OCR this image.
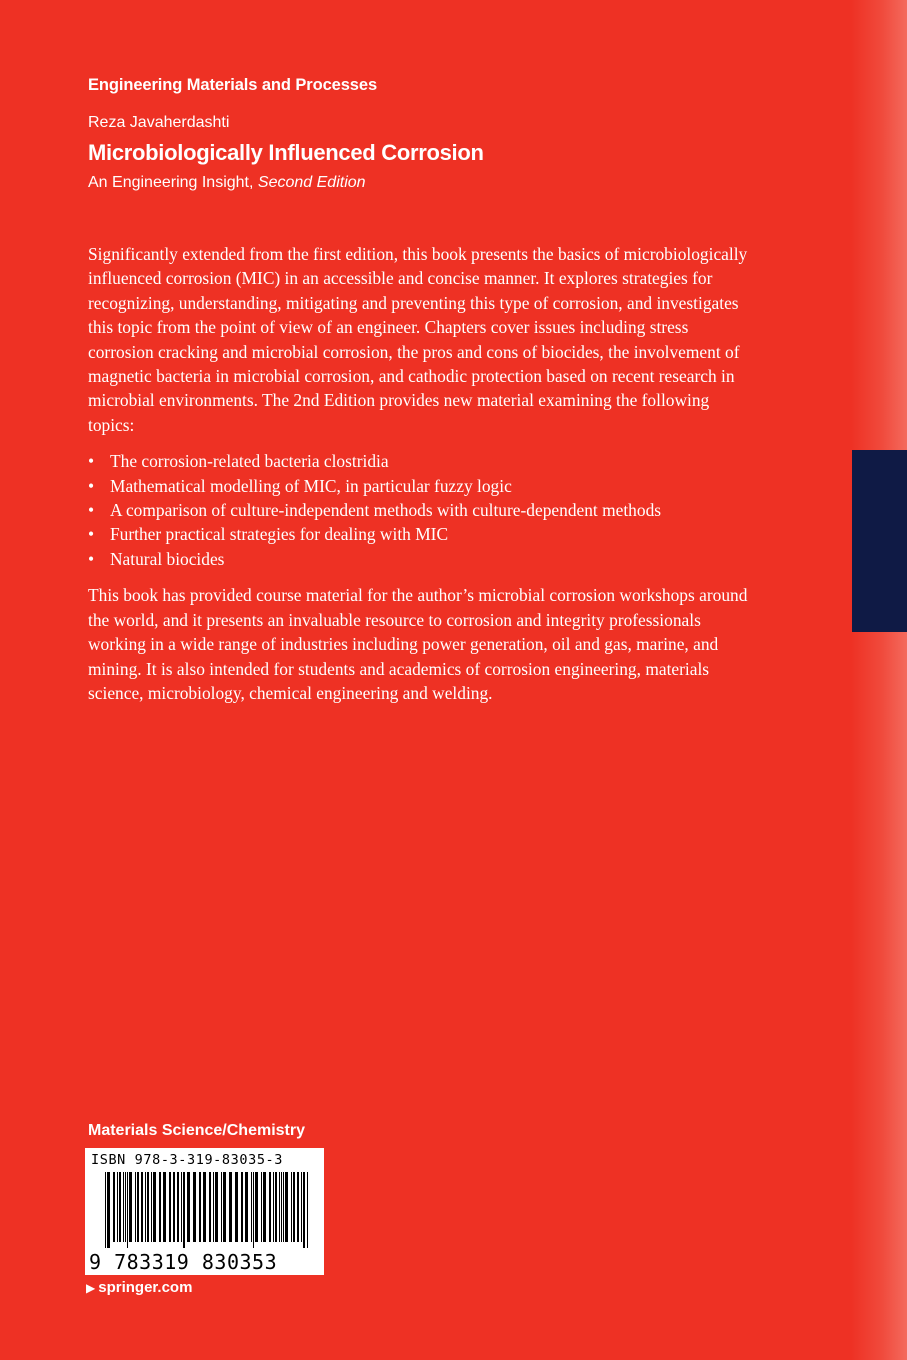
Engineering Materials and Processes

Reza Javaherdashti

Microbiologically Influenced Corrosion

An Engineering Insight, Second Edition

Significantly extended from the first edition, this book presents the basics of microbiologically influenced corrosion (MIC) in an accessible and concise manner. It explores strategies for recognizing, understanding, mitigating and preventing this type of corrosion, and investigates this topic from the point of view of an engineer. Chapters cover issues including stress corrosion cracking and microbial corrosion, the pros and cons of biocides, the involvement of magnetic bacteria in microbial corrosion, and cathodic protection based on recent research in microbial environments. The 2nd Edition provides new material examining the following topics:

• The corrosion-related bacteria clostridia
• Mathematical modelling of MIC, in particular fuzzy logic
• A comparison of culture-independent methods with culture-dependent methods
• Further practical strategies for dealing with MIC
• Natural biocides

This book has provided course material for the author’s microbial corrosion workshops around the world, and it presents an invaluable resource to corrosion and integrity professionals working in a wide range of industries including power generation, oil and gas, marine, and mining. It is also intended for students and academics of corrosion engineering, materials science, microbiology, chemical engineering and welding.

Materials Science/Chemistry

ISBN 978-3-319-83035-3
9 783319 830353

▶ springer.com
